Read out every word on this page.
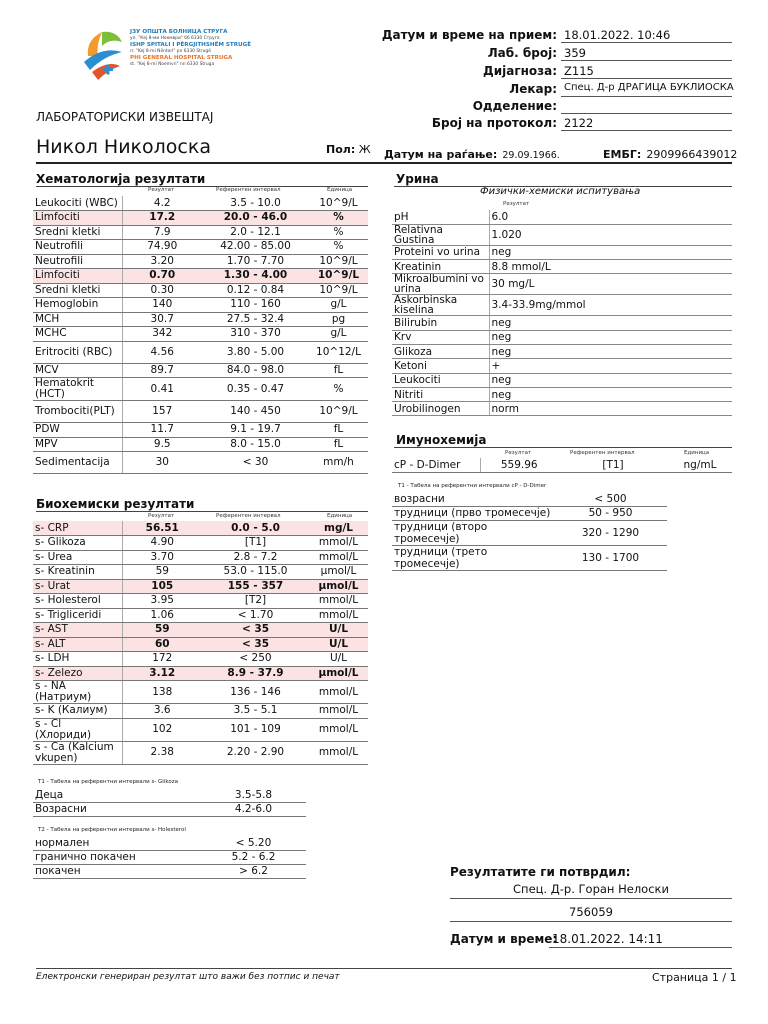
ЈЗУ ОПШТА БОЛНИЦА СТРУГА
ул. "Кеј 8-ми Ноември" бб 6330 Струга
ISHP SPITALI I PËRGJITHSHËM STRUGË
rr. "Kej 8-mi Nëntori" pn 6330 Strugë
PHI GENERAL HOSPITAL STRUGA
st. "Kej 8-mi Noemvri" nn 6330 Struga
Датум и време на прием: 18.01.2022. 10:46
Лаб. број: 359
Дијагноза: Z115
Лекар: Спец. Д-р ДРАГИЦА БУКЛИОСКА
Одделение:
Број на протокол: 2122
ЛАБОРАТОРИСКИ ИЗВЕШТАЈ
Никол Николоска	Пол: Ж Датум на раѓање: 29.09.1966.	ЕМБГ: 2909966439012
Хематологија резултати
Резултат	Референтен интервал	Единица
Leukociti (WBC)	4.2	3.5 - 10.0	10^9/L
Limfociti	17.2	20.0 - 46.0	%
Sredni kletki	7.9	2.0 - 12.1	%
Neutrofili	74.90	42.00 - 85.00	%
Neutrofili	3.20	1.70 - 7.70	10^9/L
Limfociti	0.70	1.30 - 4.00	10^9/L
Sredni kletki	0.30	0.12 - 0.84	10^9/L
Hemoglobin	140	110 - 160	g/L
MCH	30.7	27.5 - 32.4	pg
MCHC	342	310 - 370	g/L
Eritrociti (RBC)	4.56	3.80 - 5.00	10^12/L
MCV	89.7	84.0 - 98.0	fL
Hematokrit (HCT)	0.41	0.35 - 0.47	%
Trombociti(PLT)	157	140 - 450	10^9/L
PDW	11.7	9.1 - 19.7	fL
MPV	9.5	8.0 - 15.0	fL
Sedimentacija	30	< 30	mm/h
Биохемиски резултати
Резултат	Референтен интервал	Единица
s- CRP	56.51	0.0 - 5.0	mg/L
s- Glikoza	4.90	[T1]	mmol/L
s- Urea	3.70	2.8 - 7.2	mmol/L
s- Kreatinin	59	53.0 - 115.0	μmol/L
s- Urat	105	155 - 357	μmol/L
s- Holesterol	3.95	[T2]	mmol/L
s- Trigliceridi	1.06	< 1.70	mmol/L
s- AST	59	< 35	U/L
s- ALT	60	< 35	U/L
s- LDH	172	< 250	U/L
s- Zelezo	3.12	8.9 - 37.9	μmol/L
s - NA (Натриум)	138	136 - 146	mmol/L
s- K (Калиум)	3.6	3.5 - 5.1	mmol/L
s - Cl (Хлориди)	102	101 - 109	mmol/L
s - Ca (Kalcium vkupen)	2.38	2.20 - 2.90	mmol/L
T1 - Табела на референтни интервали s- Glikoza
Деца	3.5-5.8
Возрасни	4.2-6.0
T2 - Табела на референтни интервали s- Holesterol
нормален	< 5.20
гранично покачен	5.2 - 6.2
покачен	> 6.2
Урина
Физички-хемиски испитувања
Резултат
pH	6.0
Relativna Gustina	1.020
Proteini vo urina	neg
Kreatinin	8.8 mmol/L
Mikroalbumini vo urina	30 mg/L
Askorbinska kiselina	3.4-33.9mg/mmol
Bilirubin	neg
Krv	neg
Glikoza	neg
Ketoni	+
Leukociti	neg
Nitriti	neg
Urobilinogen	norm
Имунохемија
Резултат	Референтен интервал	Единица
cP - D-Dimer	559.96	[T1]	ng/mL
T1 - Табела на референтни интервали cP - D-Dimer
возрасни	< 500
трудници (прво тромесечје)	50 - 950
трудници (второ тромесечје)	320 - 1290
трудници (трето тромесечје)	130 - 1700
Резултатите ги потврдил:
Спец. Д-р. Горан Нелоски
756059
Датум и време:
18.01.2022. 14:11
Електронски генериран резултат што важи без потпис и печат	Страница 1 / 1
